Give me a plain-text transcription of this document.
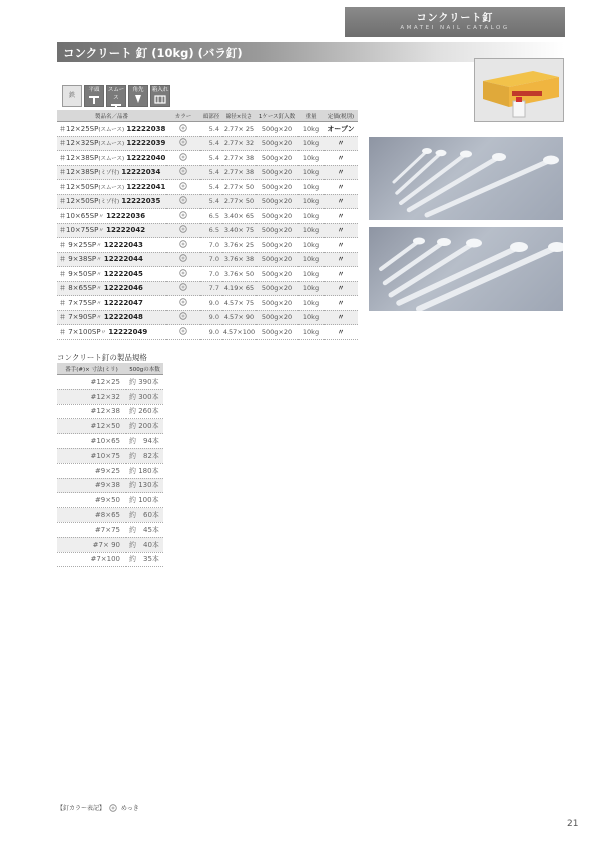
コンクリート釘
AMATEI NAIL CATALOG
コンクリート 釘 (10kg) (バラ釘)
鉄
平頭	スムース
角先	箱入れ
製品名／品番	カラー	頭部径	線径×長さ	1ケース釘入数	重量	定価(税別)
＃12×25SP(スムース) 12222038		5.4	2.77× 25	500g×20	10kg	オープン
＃12×32SP(スムース) 12222039		5.4	2.77× 32	500g×20	10kg	〃
＃12×38SP(スムース) 12222040		5.4	2.77× 38	500g×20	10kg	〃
＃12×38SP(ミゾ付) 12222034		5.4	2.77× 38	500g×20	10kg	〃
＃12×50SP(スムース) 12222041		5.4	2.77× 50	500g×20	10kg	〃
＃12×50SP(ミゾ付) 12222035		5.4	2.77× 50	500g×20	10kg	〃
＃10×65SP〃 12222036		6.5	3.40× 65	500g×20	10kg	〃
＃10×75SP〃 12222042		6.5	3.40× 75	500g×20	10kg	〃
＃ 9×25SP〃 12222043		7.0	3.76× 25	500g×20	10kg	〃
＃ 9×38SP〃 12222044		7.0	3.76× 38	500g×20	10kg	〃
＃ 9×50SP〃 12222045		7.0	3.76× 50	500g×20	10kg	〃
＃ 8×65SP〃 12222046		7.7	4.19× 65	500g×20	10kg	〃
＃ 7×75SP〃 12222047		9.0	4.57× 75	500g×20	10kg	〃
＃ 7×90SP〃 12222048		9.0	4.57× 90	500g×20	10kg	〃
＃ 7×100SP〃 12222049		9.0	4.57×100	500g×20	10kg	〃
コンクリート釘の製品規格
番手(#)× 寸法(ミリ)	500gの本数
#12×25	約 390本
#12×32	約 300本
#12×38	約 260本
#12×50	約 200本
#10×65	約　94本
#10×75	約　82本
#9×25	約 180本
#9×38	約 130本
#9×50	約 100本
#8×65	約　60本
#7×75	約　45本
#7× 90	約　40本
#7×100	約　35本
【釘カラー表記】	めっき
21
